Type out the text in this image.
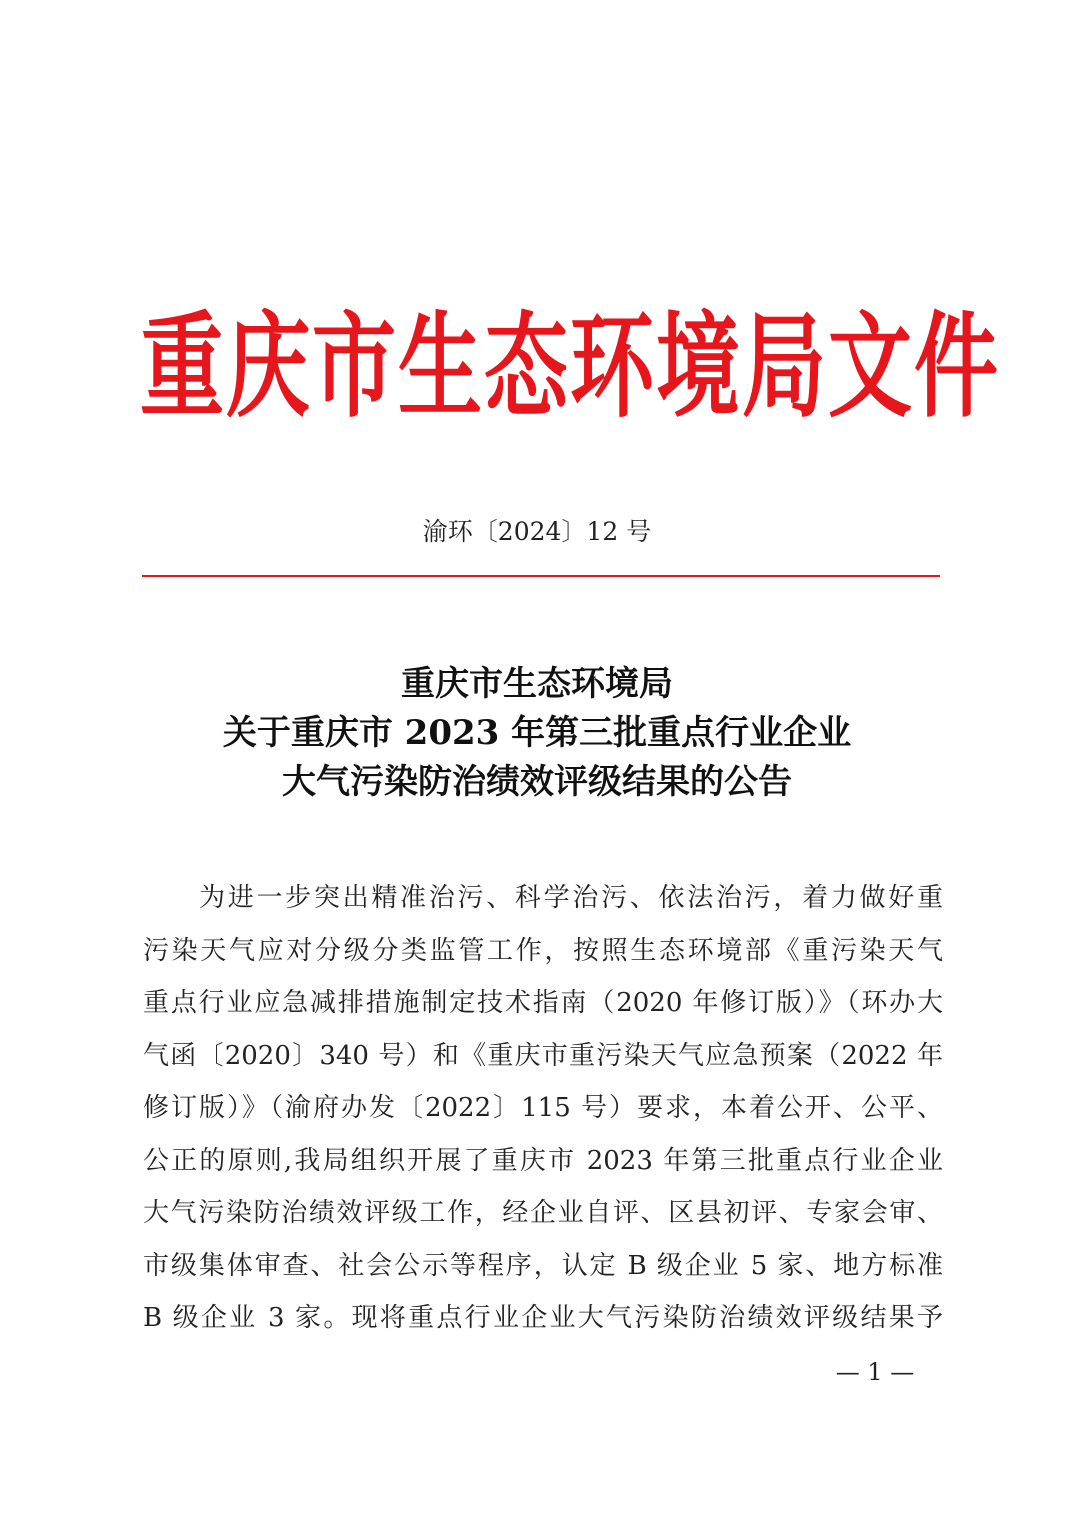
重庆市生态环境局文件
渝环〔2024〕12 号
重庆市生态环境局
关于重庆市 2023 年第三批重点行业企业
大气污染防治绩效评级结果的公告
为进一步突出精准治污、科学治污、依法治污，着力做好重
污染天气应对分级分类监管工作，按照生态环境部《重污染天气
重点行业应急减排措施制定技术指南（2020 年修订版）》（环办大
气函〔2020〕340 号）和《重庆市重污染天气应急预案（2022 年
修订版）》（渝府办发〔2022〕115 号）要求，本着公开、公平、
公正的原则,我局组织开展了重庆市 2023 年第三批重点行业企业
大气污染防治绩效评级工作，经企业自评、区县初评、专家会审、
市级集体审查、社会公示等程序，认定 B 级企业 5 家、地方标准
B 级企业 3 家。现将重点行业企业大气污染防治绩效评级结果予
— 1 —
